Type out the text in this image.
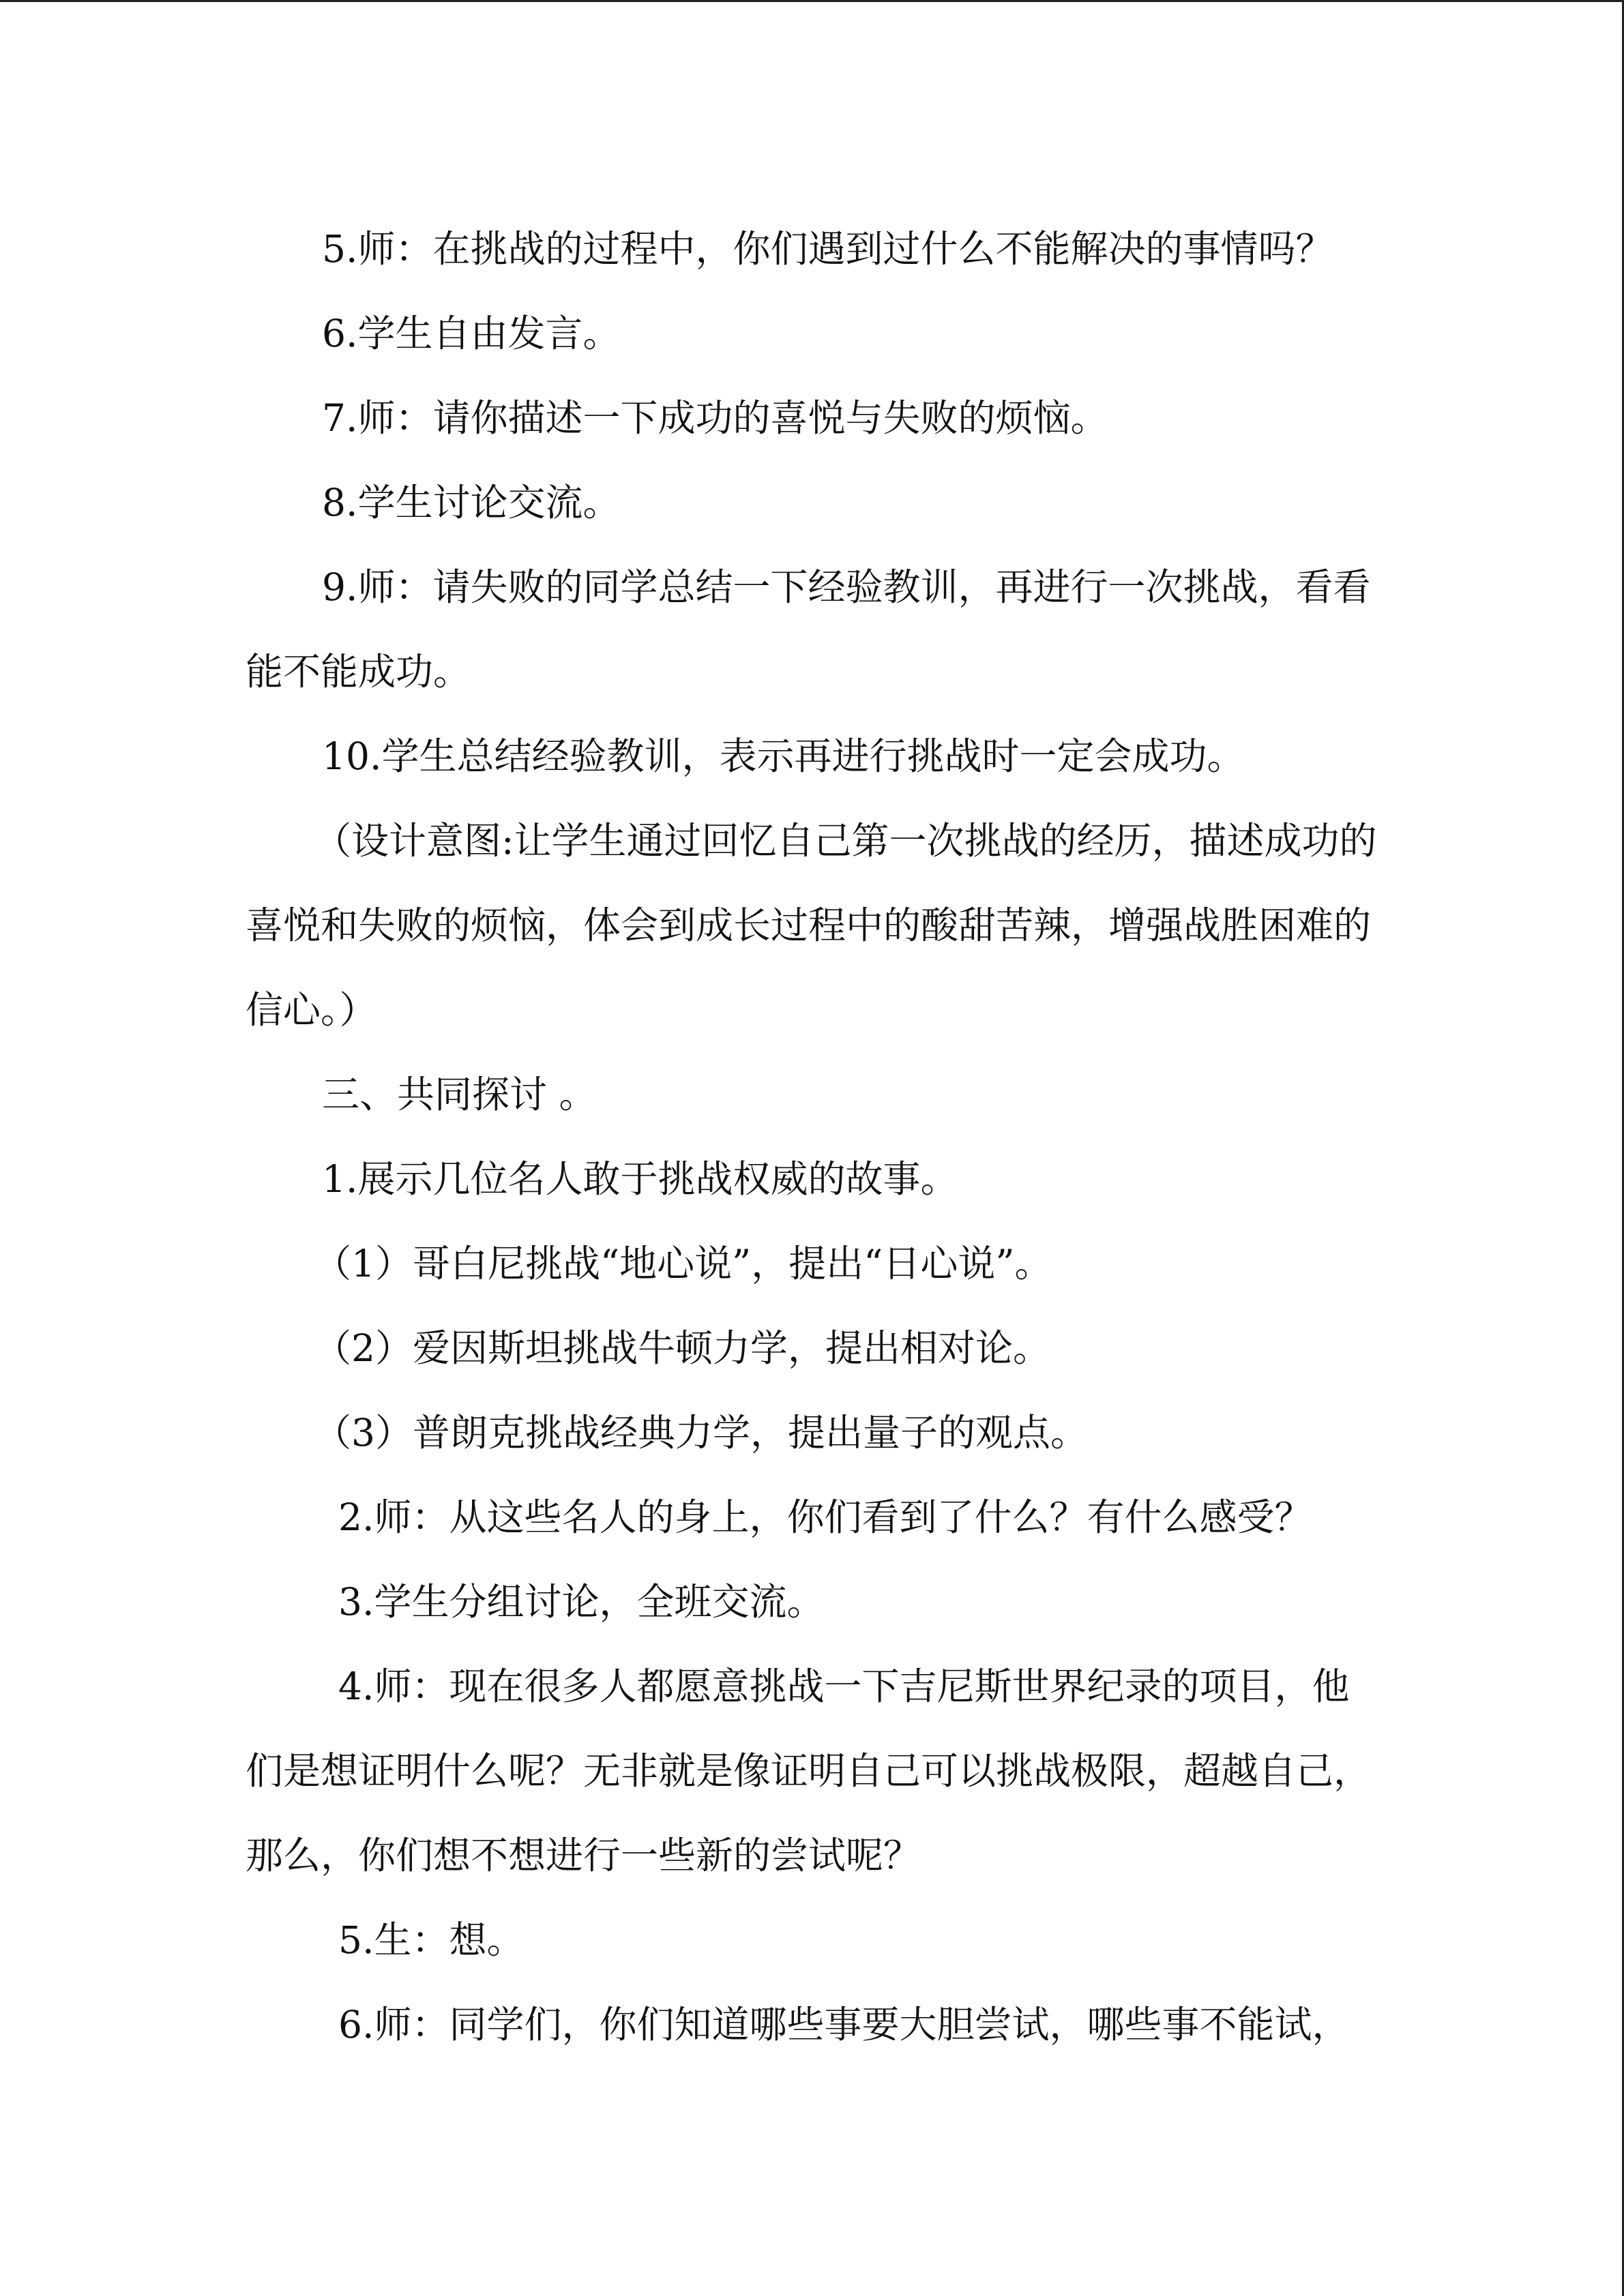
5.师：在挑战的过程中，你们遇到过什么不能解决的事情吗？

6.学生自由发言。

7.师：请你描述一下成功的喜悦与失败的烦恼。

8.学生讨论交流。

9.师：请失败的同学总结一下经验教训，再进行一次挑战，看看能不能成功。

10.学生总结经验教训，表示再进行挑战时一定会成功。

（设计意图:让学生通过回忆自己第一次挑战的经历，描述成功的喜悦和失败的烦恼，体会到成长过程中的酸甜苦辣，增强战胜困难的信心。）

三、共同探讨 。

1.展示几位名人敢于挑战权威的故事。

（1）哥白尼挑战“地心说”，提出“日心说”。

（2）爱因斯坦挑战牛顿力学，提出相对论。

（3）普朗克挑战经典力学，提出量子的观点。

2.师：从这些名人的身上，你们看到了什么？有什么感受？

3.学生分组讨论，全班交流。

4.师：现在很多人都愿意挑战一下吉尼斯世界纪录的项目，他们是想证明什么呢？无非就是像证明自己可以挑战极限，超越自己，那么，你们想不想进行一些新的尝试呢？

5.生：想。

6.师：同学们，你们知道哪些事要大胆尝试，哪些事不能试，
